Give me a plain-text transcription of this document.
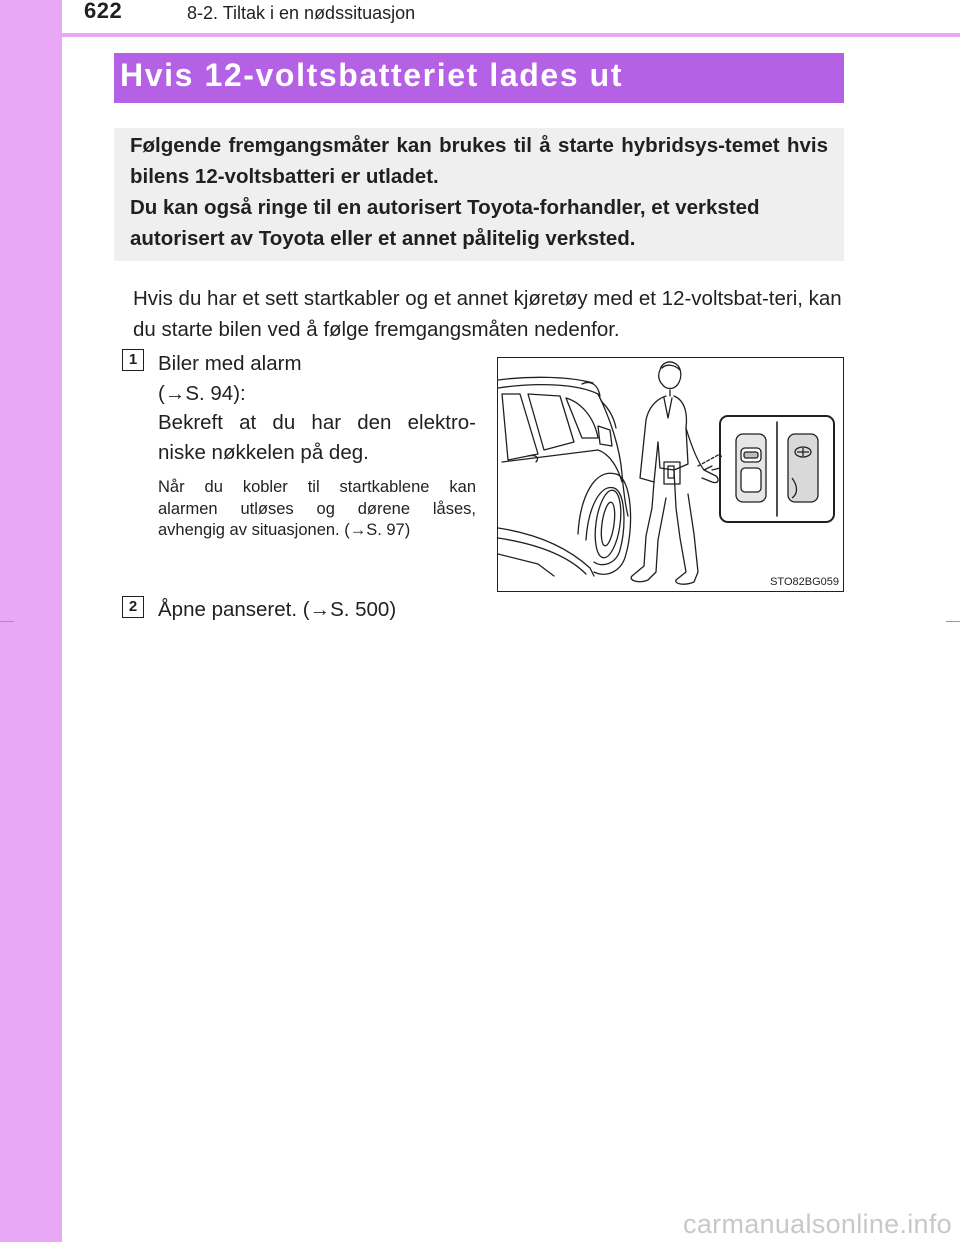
622	8-2. Tiltak i en nødssituasjon
Hvis 12-voltsbatteriet lades ut

Følgende fremgangsmåter kan brukes til å starte hybridsys-temet hvis bilens 12-voltsbatteri er utladet.

Du kan også ringe til en autorisert Toyota-forhandler, et verksted autorisert av Toyota eller et annet pålitelig verksted.

Hvis du har et sett startkabler og et annet kjøretøy med et 12-voltsbat-teri, kan du starte bilen ved å følge fremgangsmåten nedenfor.
1	Biler med alarm
(→S. 94):
Bekreft at du har den elektro-
niske nøkkelen på deg.
Når du kobler til startkablene kan
alarmen utløses og dørene låses,
avhengig av situasjonen. (→S. 97)
STO82BG059
2	Åpne panseret. (→S. 500)
carmanualsonline.info
